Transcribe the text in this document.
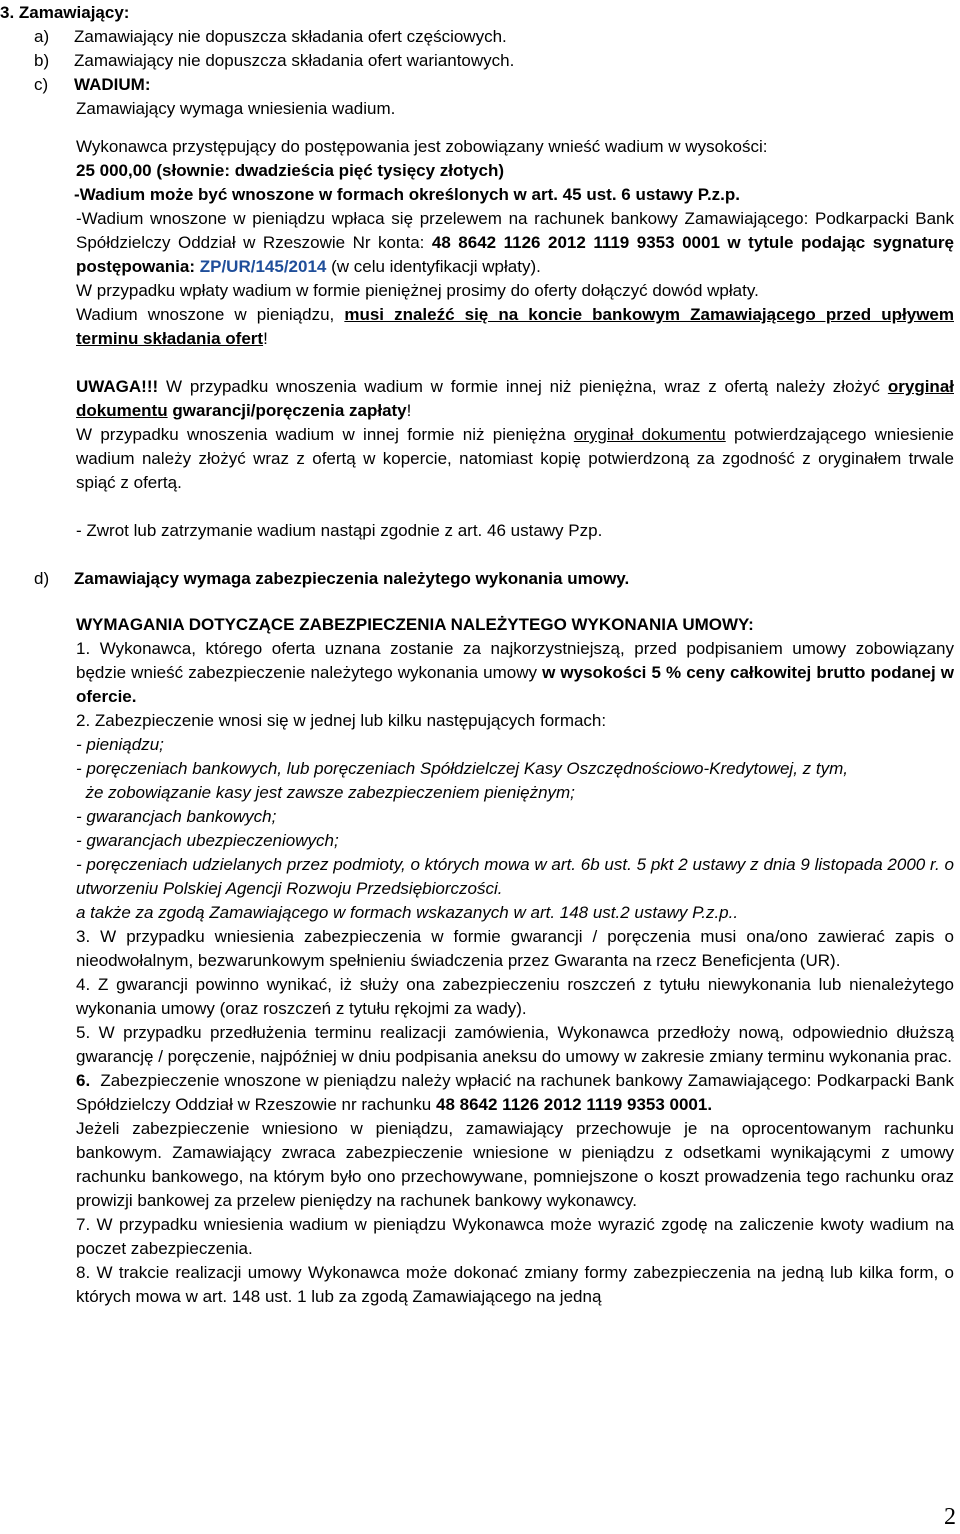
3. Zamawiający:

a) Zamawiający nie dopuszcza składania ofert częściowych.

b) Zamawiający nie dopuszcza składania ofert wariantowych.

c) WADIUM:

Zamawiający wymaga wniesienia wadium.

Wykonawca przystępujący do postępowania jest zobowiązany wnieść wadium w wysokości:

25 000,00 (słownie: dwadzieścia pięć tysięcy złotych)

-Wadium może być wnoszone w formach określonych w art. 45 ust. 6 ustawy P.z.p.

-Wadium wnoszone w pieniądzu wpłaca się przelewem na rachunek bankowy Zamawiającego: Podkarpacki Bank Spółdzielczy Oddział w Rzeszowie Nr konta: 48 8642 1126 2012 1119 9353 0001 w tytule podając sygnaturę postępowania: ZP/UR/145/2014 (w celu identyfikacji wpłaty).

W przypadku wpłaty wadium w formie pieniężnej prosimy do oferty dołączyć dowód wpłaty.

Wadium wnoszone w pieniądzu, musi znaleźć się na koncie bankowym Zamawiającego przed upływem terminu składania ofert!

UWAGA!!! W przypadku wnoszenia wadium w formie innej niż pieniężna, wraz z ofertą należy złożyć oryginał dokumentu gwarancji/poręczenia zapłaty!

W przypadku wnoszenia wadium w innej formie niż pieniężna oryginał dokumentu potwierdzającego wniesienie wadium należy złożyć wraz z ofertą w kopercie, natomiast kopię potwierdzoną za zgodność z oryginałem trwale spiąć z ofertą.

- Zwrot lub zatrzymanie wadium nastąpi zgodnie z art. 46 ustawy Pzp.

d) Zamawiający wymaga zabezpieczenia należytego wykonania umowy.

WYMAGANIA DOTYCZĄCE ZABEZPIECZENIA NALEŻYTEGO WYKONANIA UMOWY:

1. Wykonawca, którego oferta uznana zostanie za najkorzystniejszą, przed podpisaniem umowy zobowiązany będzie wnieść zabezpieczenie należytego wykonania umowy w wysokości 5 % ceny całkowitej brutto podanej w ofercie.

2. Zabezpieczenie wnosi się w jednej lub kilku następujących formach:

- pieniądzu;

- poręczeniach bankowych, lub poręczeniach Spółdzielczej Kasy Oszczędnościowo-Kredytowej, z tym,

że zobowiązanie kasy jest zawsze zabezpieczeniem pieniężnym;

- gwarancjach bankowych;

- gwarancjach ubezpieczeniowych;

- poręczeniach udzielanych przez podmioty, o których mowa w art. 6b ust. 5 pkt 2 ustawy z dnia 9 listopada 2000 r. o utworzeniu Polskiej Agencji Rozwoju Przedsiębiorczości.

a także za zgodą Zamawiającego w formach wskazanych w art. 148 ust.2 ustawy P.z.p..

3. W przypadku wniesienia zabezpieczenia w formie gwarancji / poręczenia musi ona/ono zawierać zapis o nieodwołalnym, bezwarunkowym spełnieniu świadczenia przez Gwaranta na rzecz Beneficjenta (UR).

4. Z gwarancji powinno wynikać, iż służy ona zabezpieczeniu roszczeń z tytułu niewykonania lub nienależytego wykonania umowy (oraz roszczeń z tytułu rękojmi za wady).

5. W przypadku przedłużenia terminu realizacji zamówienia, Wykonawca przedłoży nową, odpowiednio dłuższą gwarancję / poręczenie, najpóźniej w dniu podpisania aneksu do umowy w zakresie zmiany terminu wykonania prac.

6.  Zabezpieczenie wnoszone w pieniądzu należy wpłacić na rachunek bankowy Zamawiającego: Podkarpacki Bank Spółdzielczy Oddział w Rzeszowie nr rachunku 48 8642 1126 2012 1119 9353 0001.

Jeżeli zabezpieczenie wniesiono w pieniądzu, zamawiający przechowuje je na oprocentowanym rachunku bankowym. Zamawiający zwraca zabezpieczenie wniesione w pieniądzu z odsetkami wynikającymi z umowy rachunku bankowego, na którym było ono przechowywane, pomniejszone o koszt prowadzenia tego rachunku oraz prowizji bankowej za przelew pieniędzy na rachunek bankowy wykonawcy.

7. W przypadku wniesienia wadium w pieniądzu Wykonawca może wyrazić zgodę na zaliczenie kwoty wadium na poczet zabezpieczenia.

8. W trakcie realizacji umowy Wykonawca może dokonać zmiany formy zabezpieczenia na jedną lub kilka form, o których mowa w art. 148 ust. 1 lub za zgodą Zamawiającego na jedną

2
